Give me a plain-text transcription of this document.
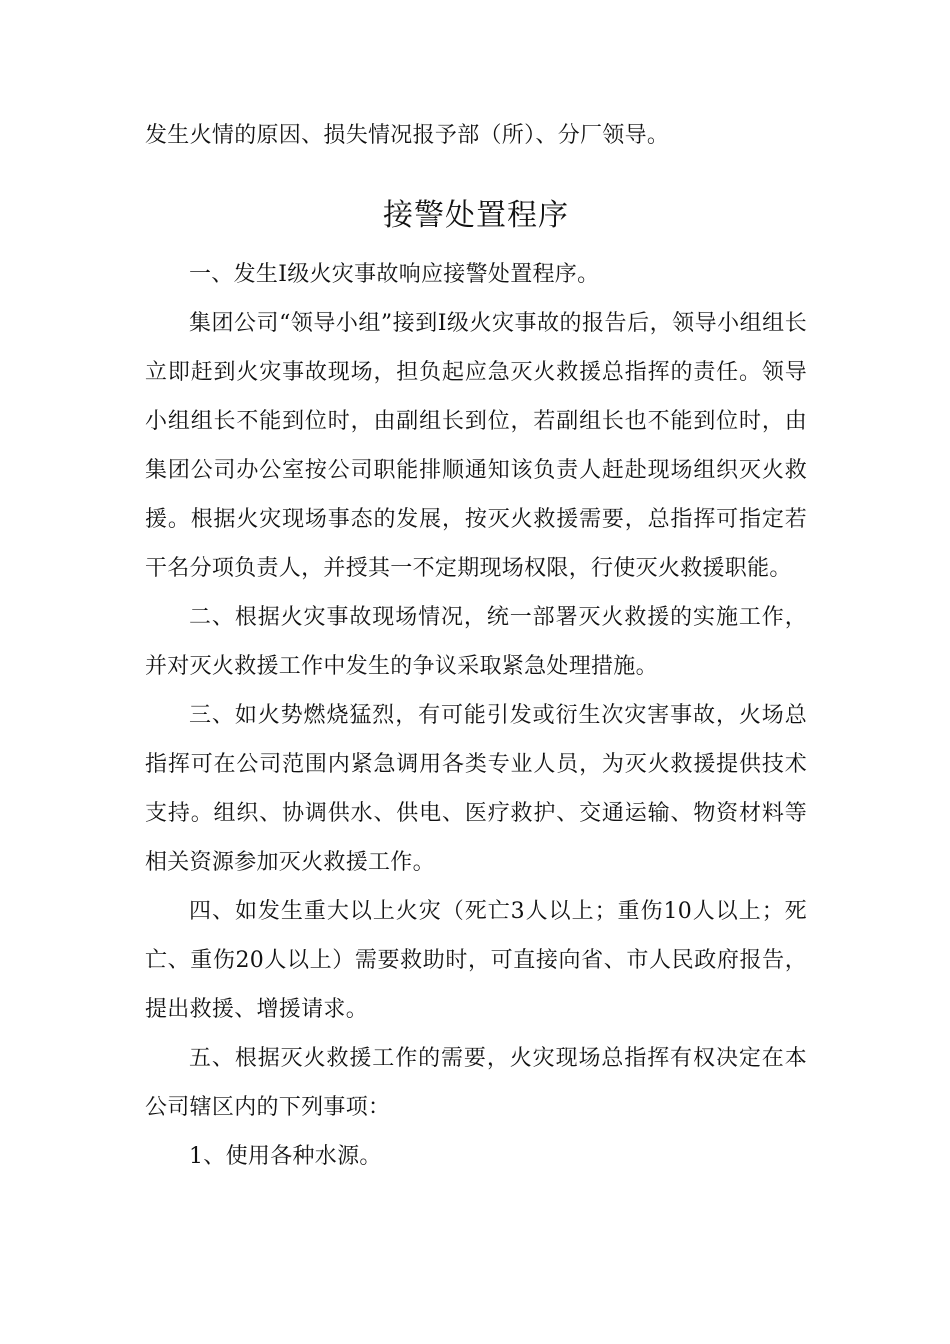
发生火情的原因、损失情况报予部（所）、分厂领导。

接警处置程序

一、发生I级火灾事故响应接警处置程序。

集团公司“领导小组”接到I级火灾事故的报告后，领导小组组长立即赶到火灾事故现场，担负起应急灭火救援总指挥的责任。领导小组组长不能到位时，由副组长到位，若副组长也不能到位时，由集团公司办公室按公司职能排顺通知该负责人赶赴现场组织灭火救援。根据火灾现场事态的发展，按灭火救援需要，总指挥可指定若干名分项负责人，并授其一不定期现场权限，行使灭火救援职能。

二、根据火灾事故现场情况，统一部署灭火救援的实施工作，并对灭火救援工作中发生的争议采取紧急处理措施。

三、如火势燃烧猛烈，有可能引发或衍生次灾害事故，火场总指挥可在公司范围内紧急调用各类专业人员，为灭火救援提供技术支持。组织、协调供水、供电、医疗救护、交通运输、物资材料等相关资源参加灭火救援工作。

四、如发生重大以上火灾（死亡3人以上；重伤10人以上；死亡、重伤20人以上）需要救助时，可直接向省、市人民政府报告，提出救援、增援请求。

五、根据灭火救援工作的需要，火灾现场总指挥有权决定在本公司辖区内的下列事项：

1、使用各种水源。
